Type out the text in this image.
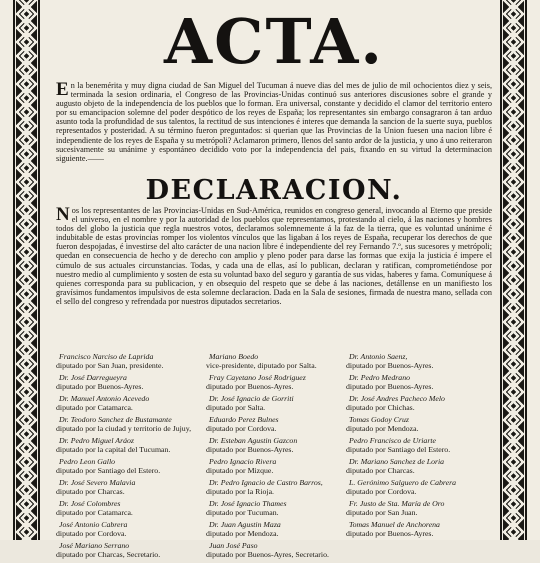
ACTA.
En la benemérita y muy digna ciudad de San Miguel del Tucuman á nueve dias del mes de julio de mil ochocientos diez y seis, terminada la sesion ordinaria, el Congreso de las Provincias-Unidas continuó sus anteriores discusiones sobre el grande y augusto objeto de la independencia de los pueblos que lo forman. Era universal, constante y decidido el clamor del territorio entero por su emancipacion solemne del poder despótico de los reyes de España; los representantes sin embargo consagraron á tan arduo asunto toda la profundidad de sus talentos, la rectitud de sus intenciones é interes que demanda la sancion de la suerte suya, pueblos representados y posteridad. A su término fueron preguntados: si querian que las Provincias de la Union fuesen una nacion libre é independiente de los reyes de España y su metrópoli? Aclamaron primero, llenos del santo ardor de la justicia, y uno á uno reiteraron sucesivamente su unánime y espontáneo decidido voto por la independencia del pais, fixando en su virtud la determinacion siguiente.——
DECLARACION.
Nos los representantes de las Provincias-Unidas en Sud-América, reunidos en congreso general, invocando al Eterno que preside el universo, en el nombre y por la autoridad de los pueblos que representamos, protestando al cielo, á las naciones y hombres todos del globo la justicia que regla nuestros votos, declaramos solemnemente á la faz de la tierra, que es voluntad unánime é indubitable de estas provincias romper los violentos vínculos que las ligaban á los reyes de España, recuperar los derechos de que fueron despojadas, é investirse del alto carácter de una nacion libre é independiente del rey Fernando 7.º, sus sucesores y metrópoli; quedan en consecuencia de hecho y de derecho con amplio y pleno poder para darse las formas que exija la justicia é impere el cúmulo de sus actuales circunstancias. Todas, y cada una de ellas, así lo publican, declaran y ratifican, comprometiéndose por nuestro medio al cumplimiento y sosten de esta su voluntad baxo del seguro y garantía de sus vidas, haberes y fama. Comuníquese á quienes corresponda para su publicacion, y en obsequio del respeto que se debe á las naciones, detállense en un manifiesto los gravísimos fundamentos impulsivos de esta solemne declaracion. Dada en la Sala de sesiones, firmada de nuestra mano, sellada con el sello del congreso y refrendada por nuestros diputados secretarios.
Francisco Narciso de Laprida
diputado por San Juan, presidente.
Mariano Boedo
vice-presidente, diputado por Salta.
Dr. Antonio Saenz,
diputado por Buenos-Ayres.
Dr. José Darregueyra
diputado por Buenos-Ayres.
Fray Cayetano José Rodriguez
diputado por Buenos-Ayres.
Dr. Pedro Medrano
diputado por Buenos-Ayres.
Dr. Manuel Antonio Acevedo
diputado por Catamarca.
Dr. José Ignacio de Gorriti
diputado por Salta.
Dr. José Andres Pacheco Melo
diputado por Chichas.
Dr. Teodoro Sanchez de Bustamante
diputado por la ciudad y territorio de Jujuy,
Eduardo Perez Bulnes
diputado por Cordova.
Tomas Godoy Cruz
diputado por Mendoza.
Dr. Pedro Miguel Aráoz
diputado por la capital del Tucuman.
Dr. Esteban Agustin Gazcon
diputado por Buenos-Ayres.
Pedro Francisco de Uriarte
diputado por Santiago del Estero.
Pedro Leon Gallo
diputado por Santiago del Estero.
Pedro Ignacio Rivera
diputado por Mizque.
Dr. Mariano Sanchez de Loria
diputado por Charcas.
Dr. José Severo Malavia
diputado por Charcas.
Dr. Pedro Ignacio de Castro Barros,
diputado por la Rioja.
L. Gerónimo Salguero de Cabrera
diputado por Cordova.
Dr. José Colombres
diputado por Catamarca.
Dr. José Ignacio Thames
diputado por Tucuman.
Fr. Justo de Sta. María de Oro
diputado por San Juan.
José Antonio Cabrera
diputado por Cordova.
Dr. Juan Agustin Maza
diputado por Mendoza.
Tomas Manuel de Anchorena
diputado por Buenos-Ayres.
José Mariano Serrano
diputado por Charcas, Secretario.
Juan José Paso
diputado por Buenos-Ayres, Secretario.
